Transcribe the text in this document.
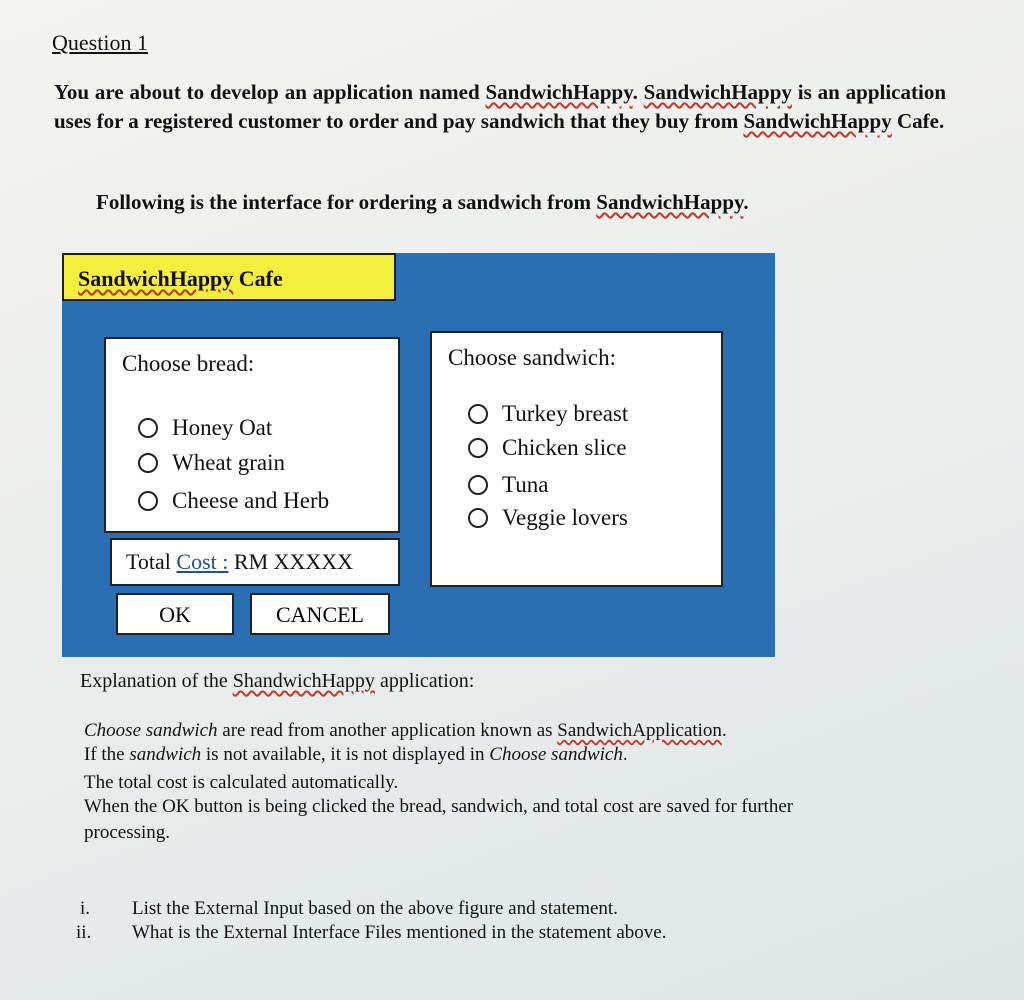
Question 1

You are about to develop an application named SandwichHappy. SandwichHappy is an application uses for a registered customer to order and pay sandwich that they buy from SandwichHappy Cafe.

Following is the interface for ordering a sandwich from SandwichHappy.

SandwichHappy Cafe
Choose bread:
Honey Oat
Wheat grain
Cheese and Herb
Choose sandwich:
Turkey breast
Chicken slice
Tuna
Veggie lovers
Total Cost : RM XXXXX
OK	CANCEL

Explanation of the ShandwichHappy application:

Choose sandwich are read from another application known as SandwichApplication.

If the sandwich is not available, it is not displayed in Choose sandwich.

The total cost is calculated automatically.

When the OK button is being clicked the bread, sandwich, and total cost are saved for further

processing.

i. List the External Input based on the above figure and statement.

ii. What is the External Interface Files mentioned in the statement above.
